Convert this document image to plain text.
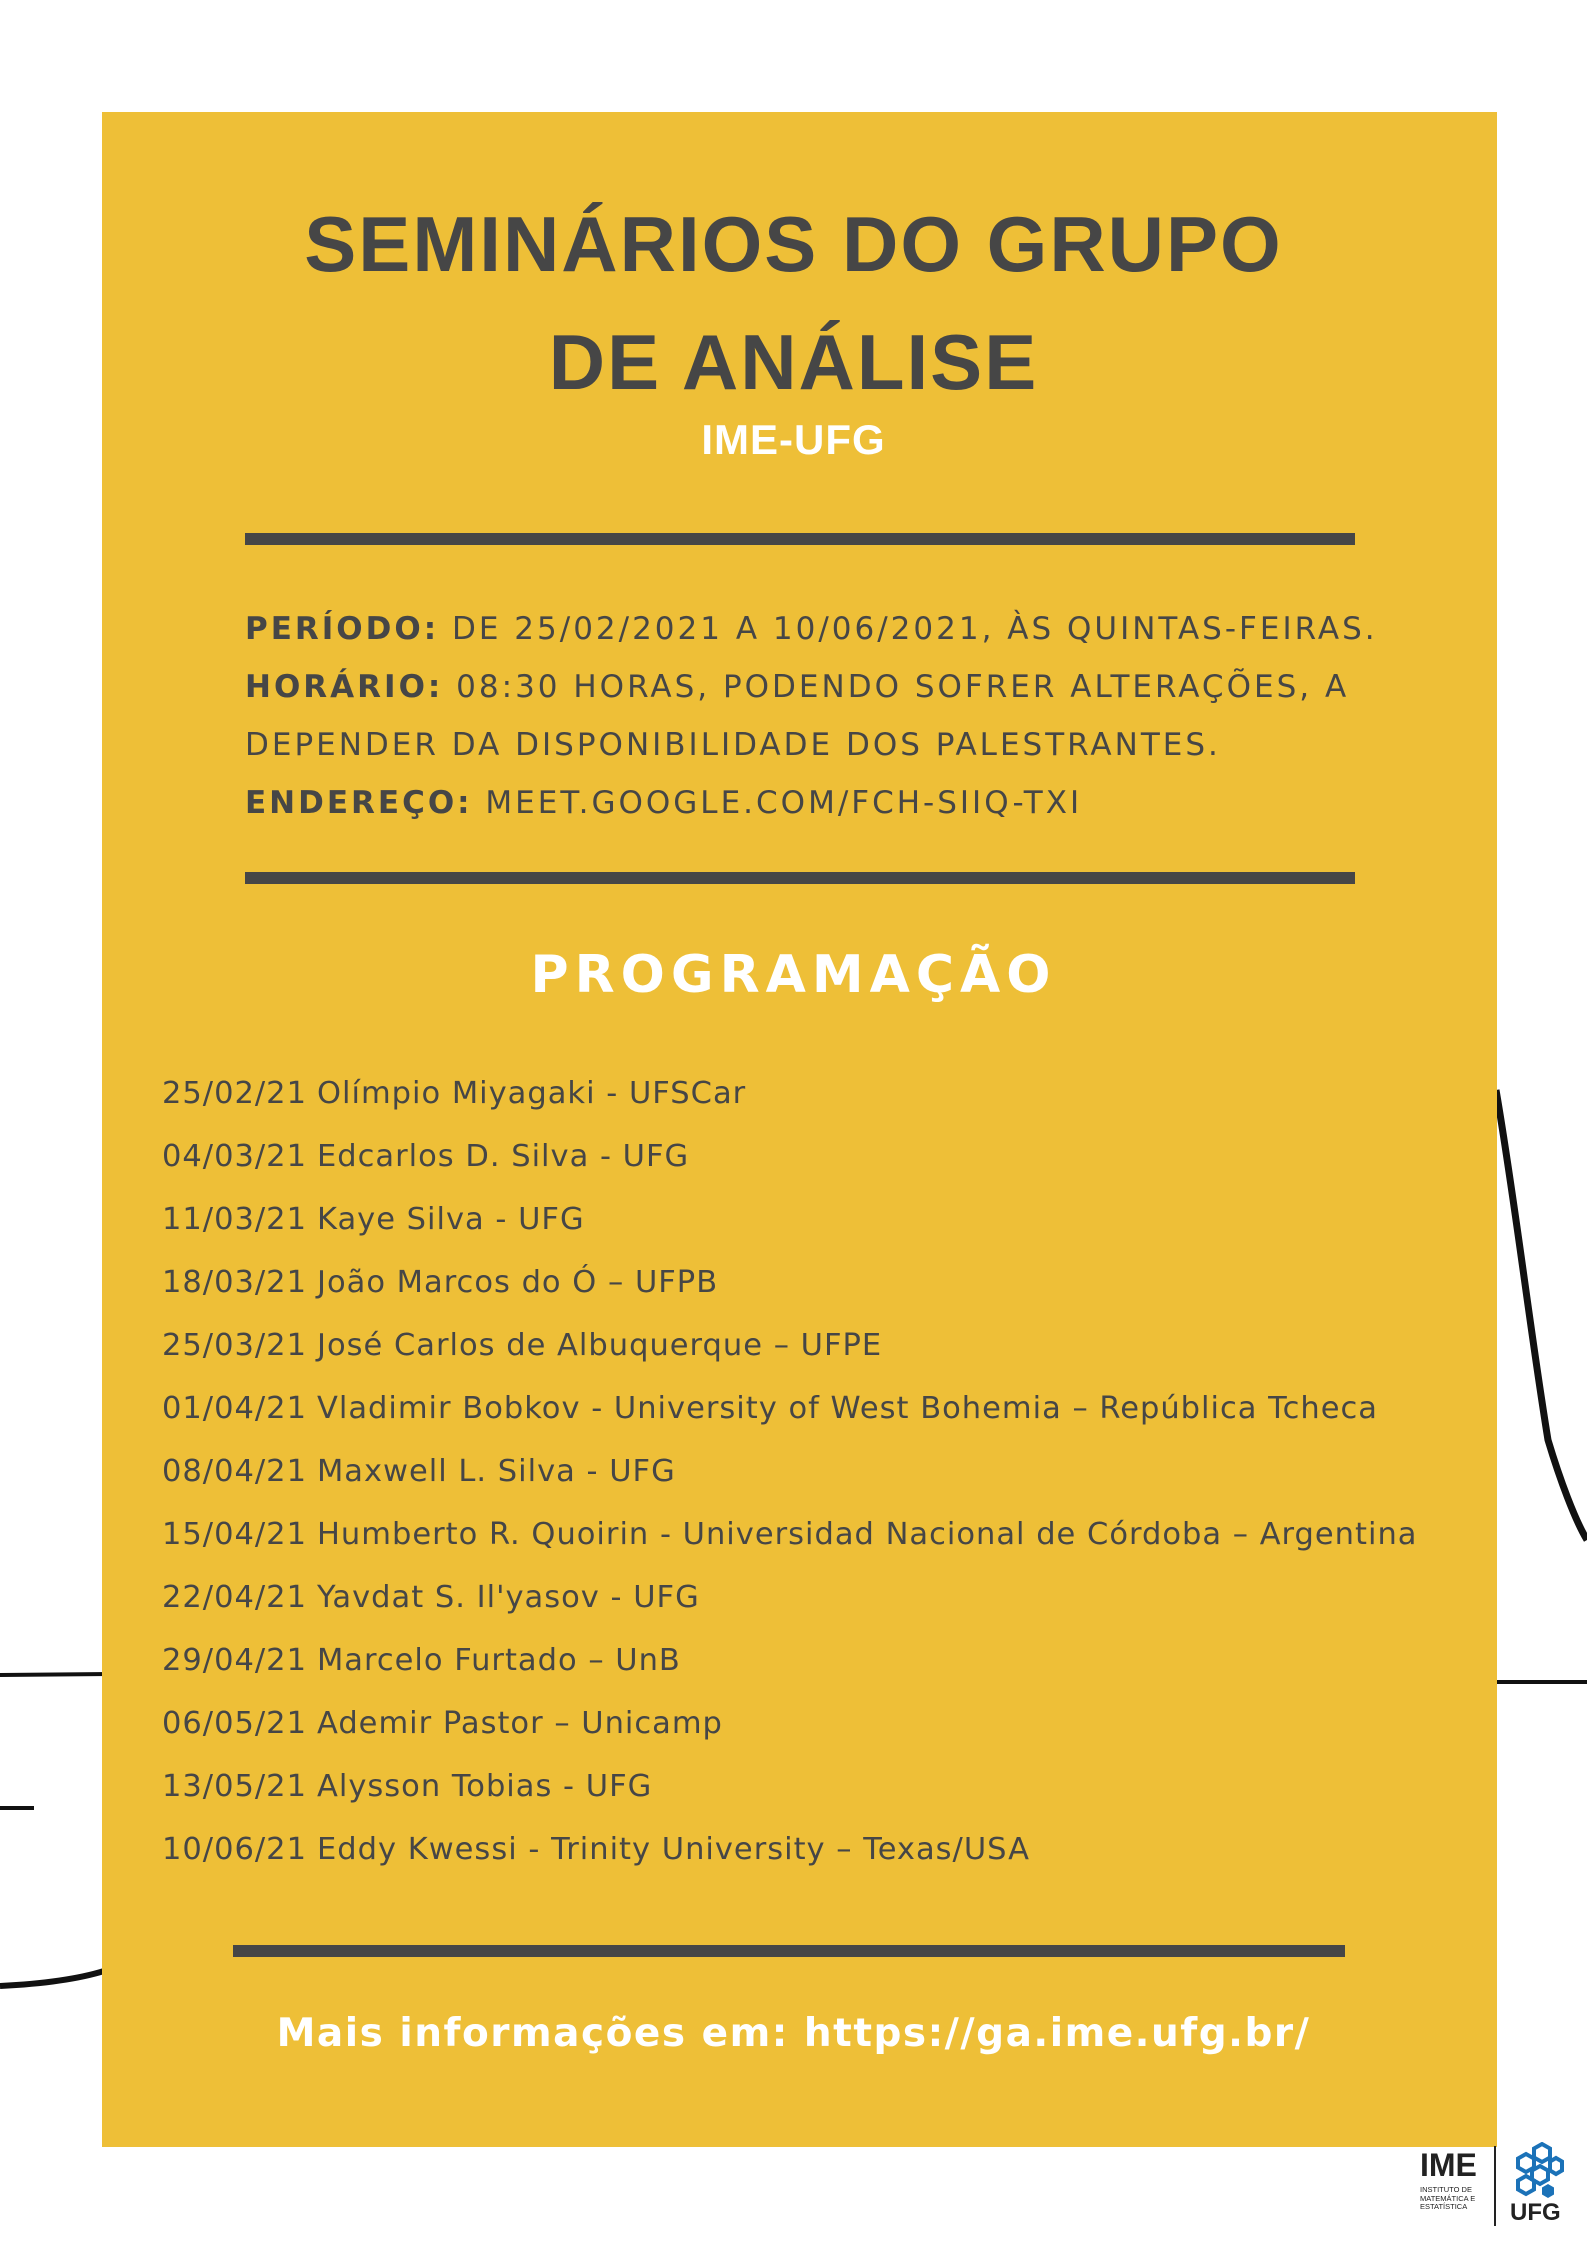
SEMINÁRIOS DO GRUPO
DE ANÁLISE
IME-UFG
PERÍODO: DE 25/02/2021 A 10/06/2021, ÀS QUINTAS-FEIRAS.
HORÁRIO: 08:30 HORAS, PODENDO SOFRER ALTERAÇÕES, A
DEPENDER DA DISPONIBILIDADE DOS PALESTRANTES.
ENDEREÇO: MEET.GOOGLE.COM/FCH-SIIQ-TXI
PROGRAMAÇÃO
25/02/21 Olímpio Miyagaki - UFSCar
04/03/21 Edcarlos D. Silva - UFG
11/03/21 Kaye Silva - UFG
18/03/21 João Marcos do Ó – UFPB
25/03/21 José Carlos de Albuquerque – UFPE
01/04/21 Vladimir Bobkov - University of West Bohemia – República Tcheca
08/04/21 Maxwell L. Silva - UFG
15/04/21 Humberto R. Quoirin - Universidad Nacional de Córdoba – Argentina
22/04/21 Yavdat S. Il'yasov - UFG
29/04/21 Marcelo Furtado – UnB
06/05/21 Ademir Pastor – Unicamp
13/05/21 Alysson Tobias - UFG
10/06/21 Eddy Kwessi - Trinity University – Texas/USA
Mais informações em: https://ga.ime.ufg.br/
IME
INSTITUTO DE MATEMÁTICA E ESTATÍSTICA	UFG
